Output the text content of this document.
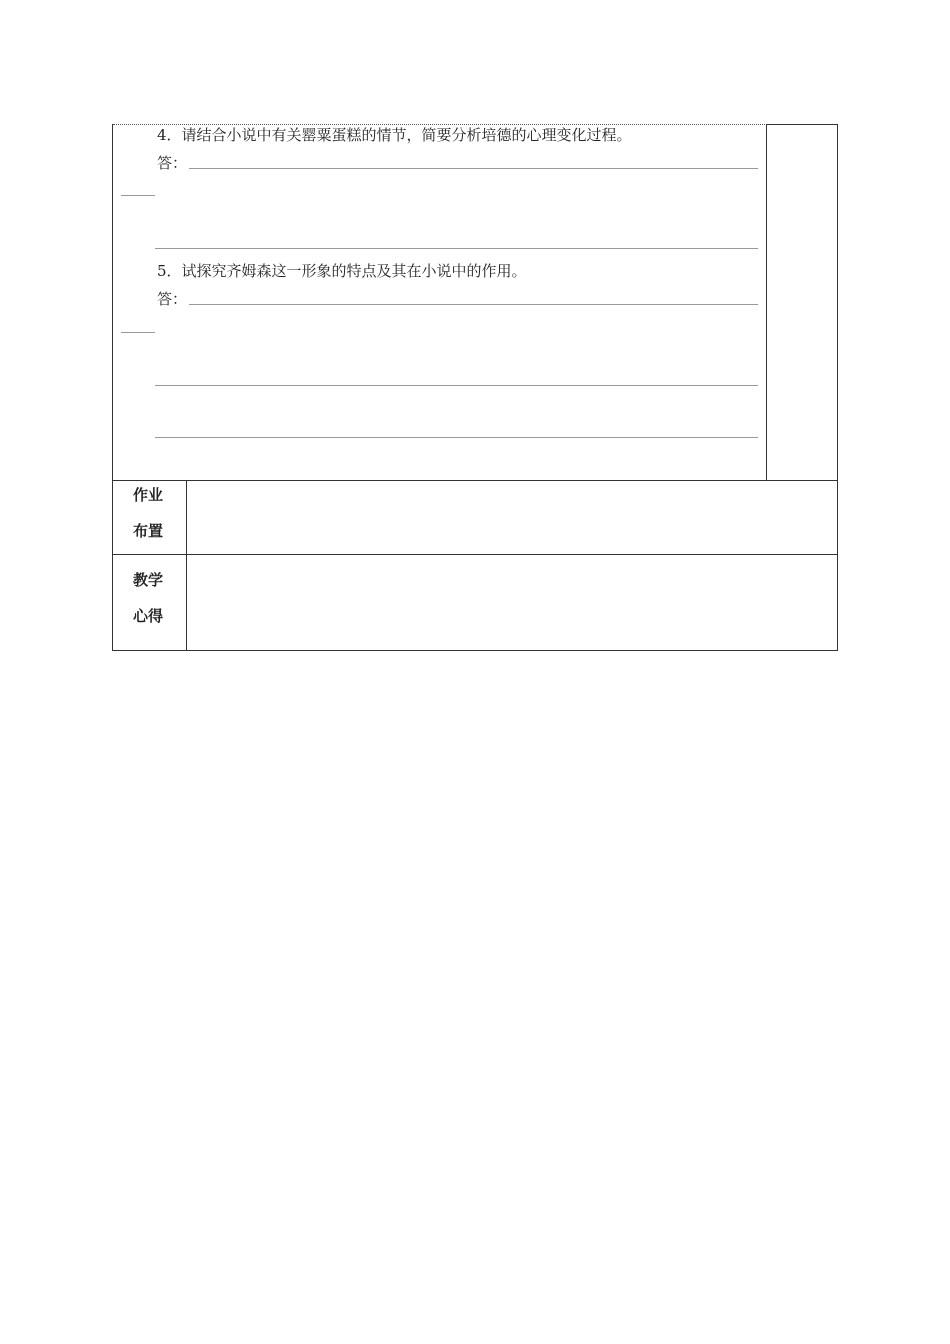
4．请结合小说中有关罂粟蛋糕的情节，简要分析培德的心理变化过程。
答：
5．试探究齐姆森这一形象的特点及其在小说中的作用。
答：
作业
布置
教学
心得
